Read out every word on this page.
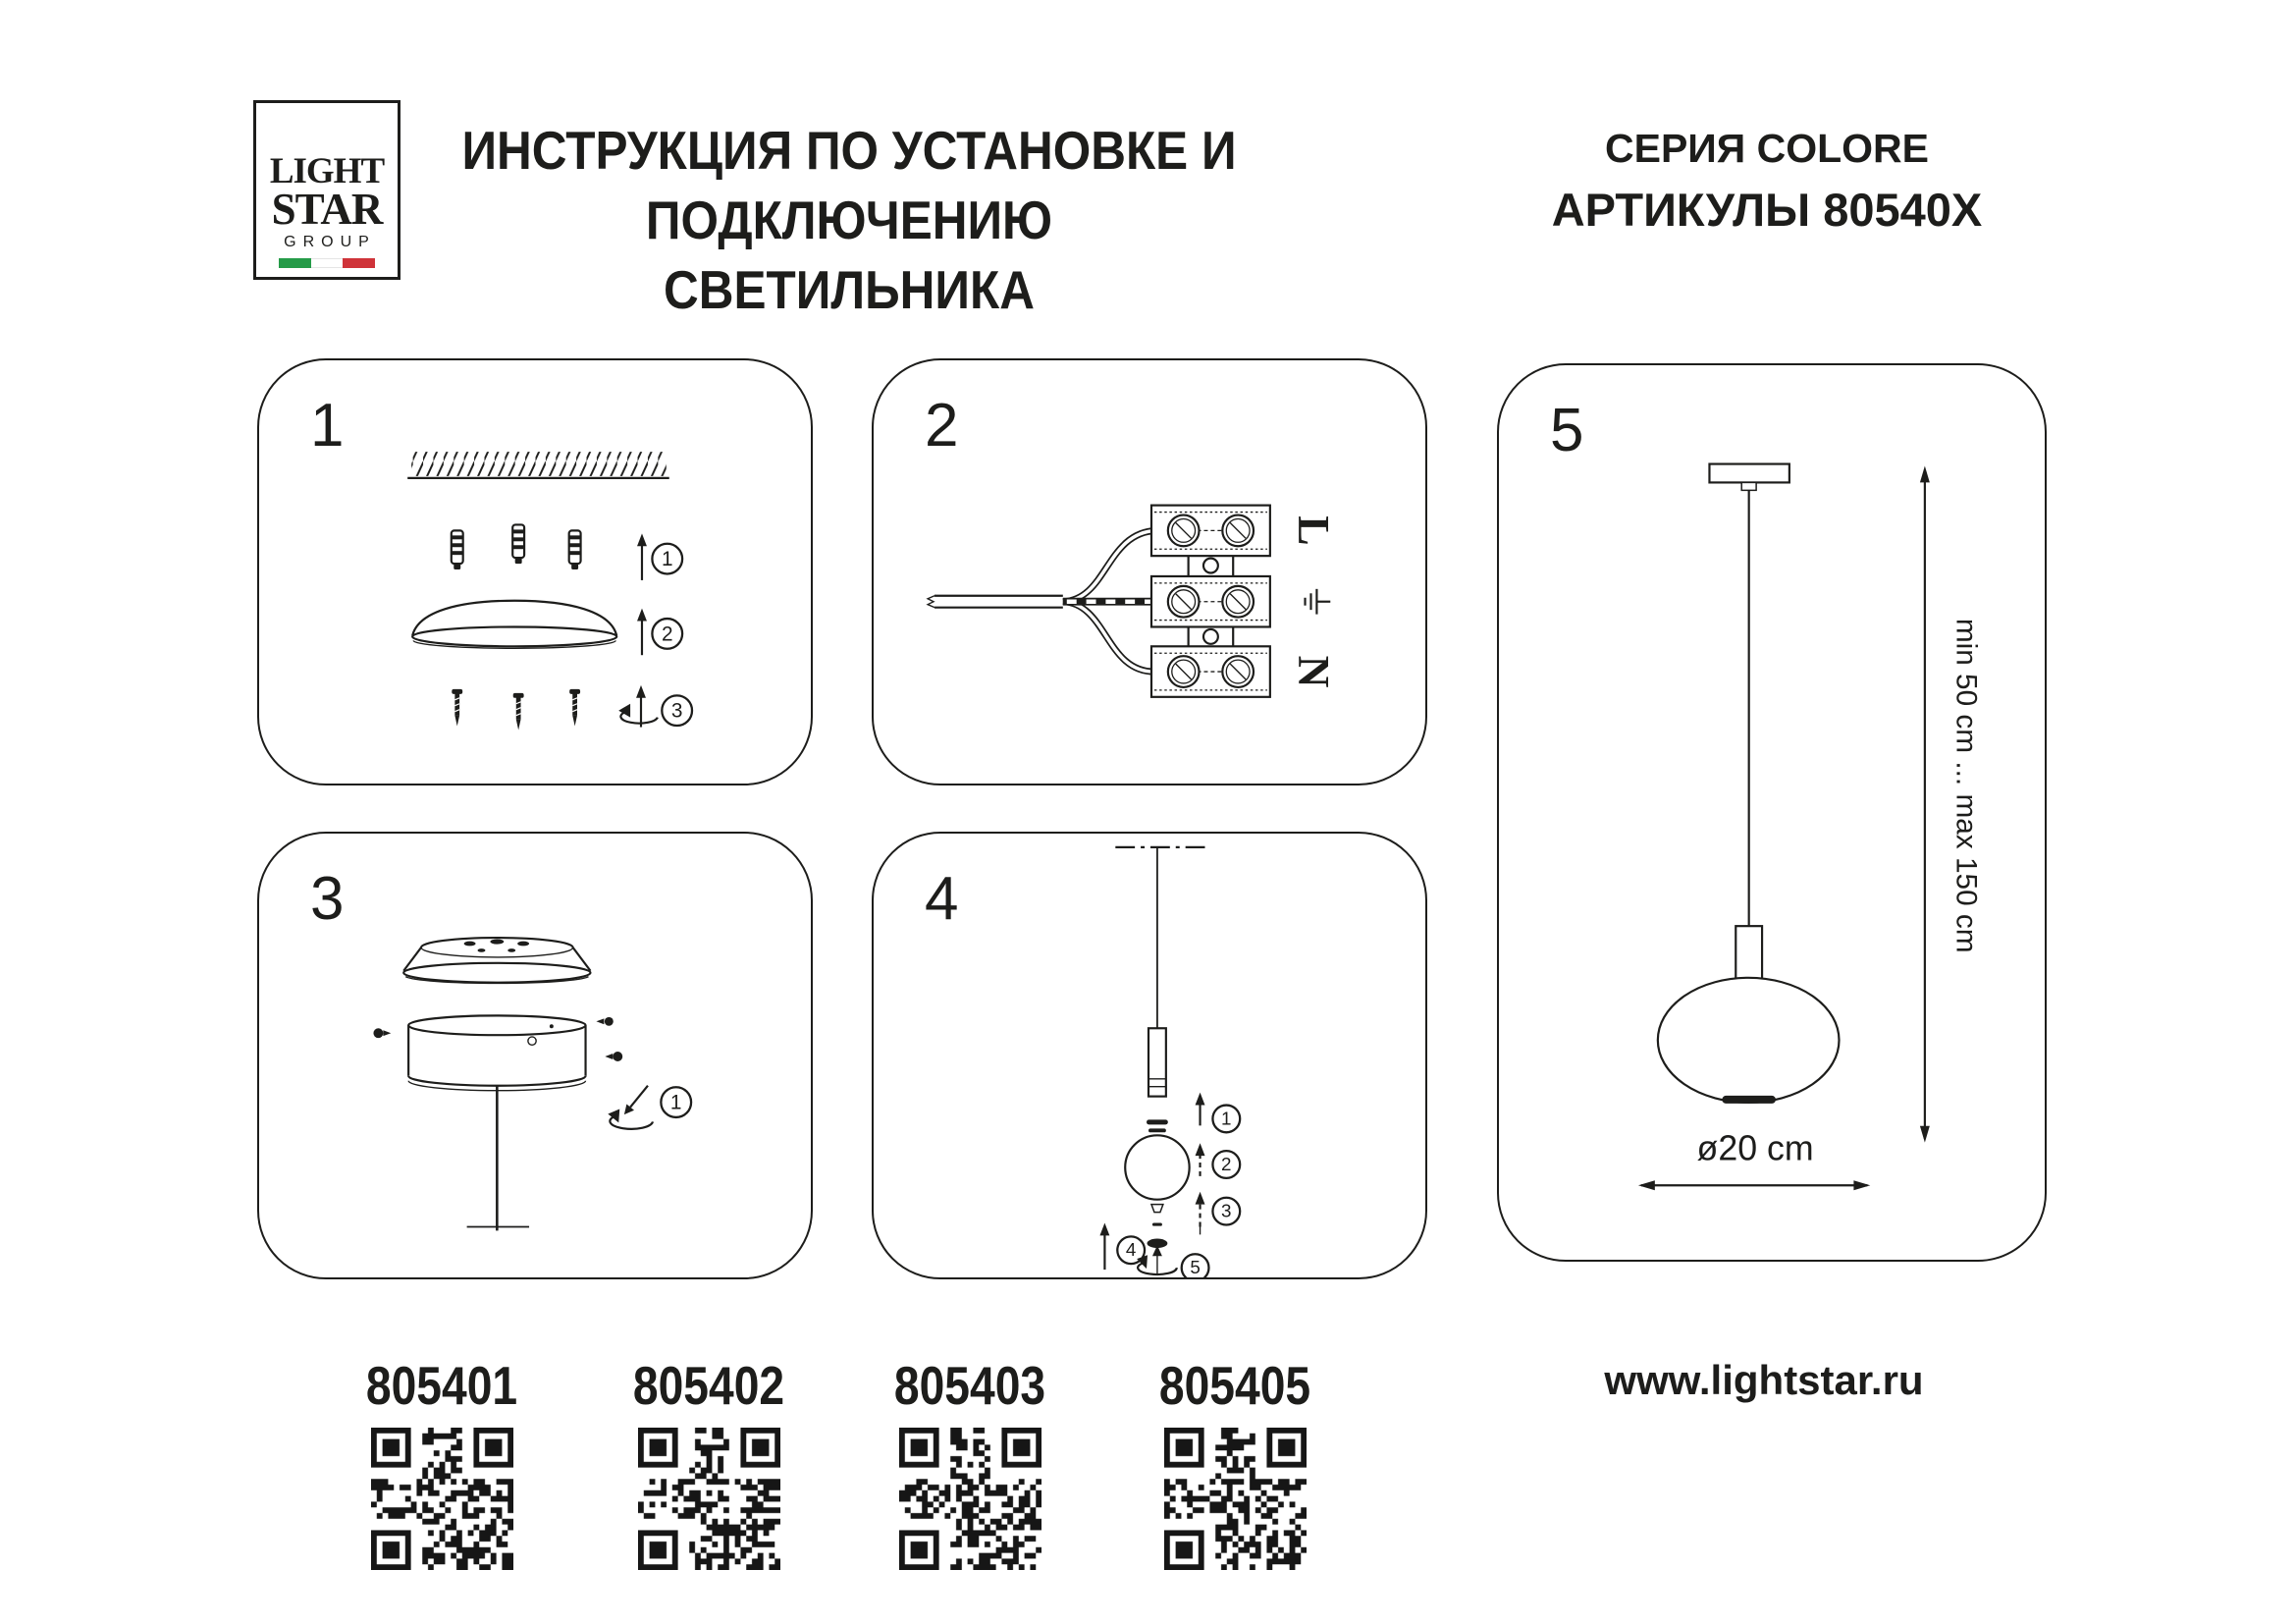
LIGHT
STAR
GROUP
ИНСТРУКЦИЯ ПО УСТАНОВКЕ И
ПОДКЛЮЧЕНИЮ СВЕТИЛЬНИКА
СЕРИЯ COLORE
АРТИКУЛЫ 80540X
1
1
2
3
2
L
N
3
1
4
1
2
3
4
5
5
min 50 cm ... max 150 cm
ø20 cm
805401 805402 805403 805405	www.lightstar.ru
